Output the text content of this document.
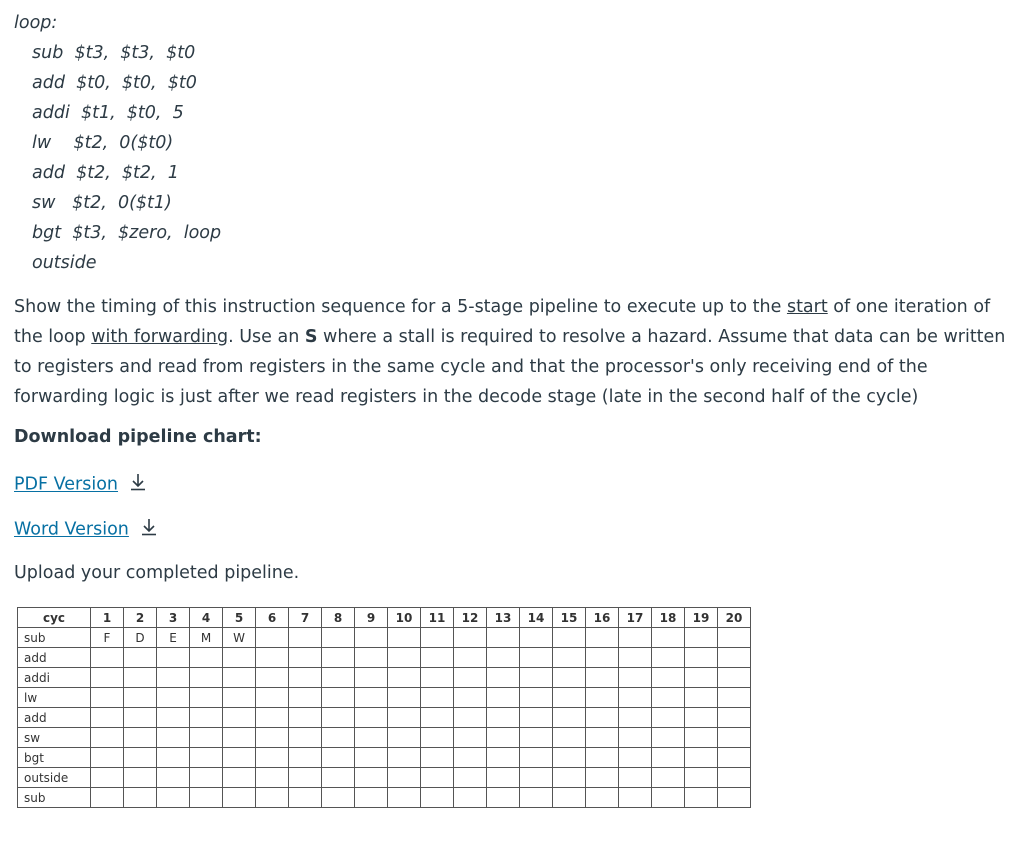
loop:
sub $t3,  $t3,  $t0
add $t0,  $t0,  $t0
addi $t1,  $t0,  5
lw    $t2,  0($t0)
add $t2,  $t2,  1
sw   $t2,  0($t1)
bgt $t3,  $zero,  loop
outside
Show the timing of this instruction sequence for a 5-stage pipeline to execute up to the start of one iteration of the loop with forwarding. Use an S where a stall is required to resolve a hazard. Assume that data can be written to registers and read from registers in the same cycle and that the processor's only receiving end of the forwarding logic is just after we read registers in the decode stage (late in the second half of the cycle)
Download pipeline chart:
PDF Version
Word Version
Upload your completed pipeline.
cyc	1	2	3	4	5	6	7	8	9	10	11	12	13	14	15	16	17	18	19	20
sub	F	D	E	M	W															
add																				
addi																				
lw																				
add																				
sw																				
bgt																				
outside																				
sub																				
